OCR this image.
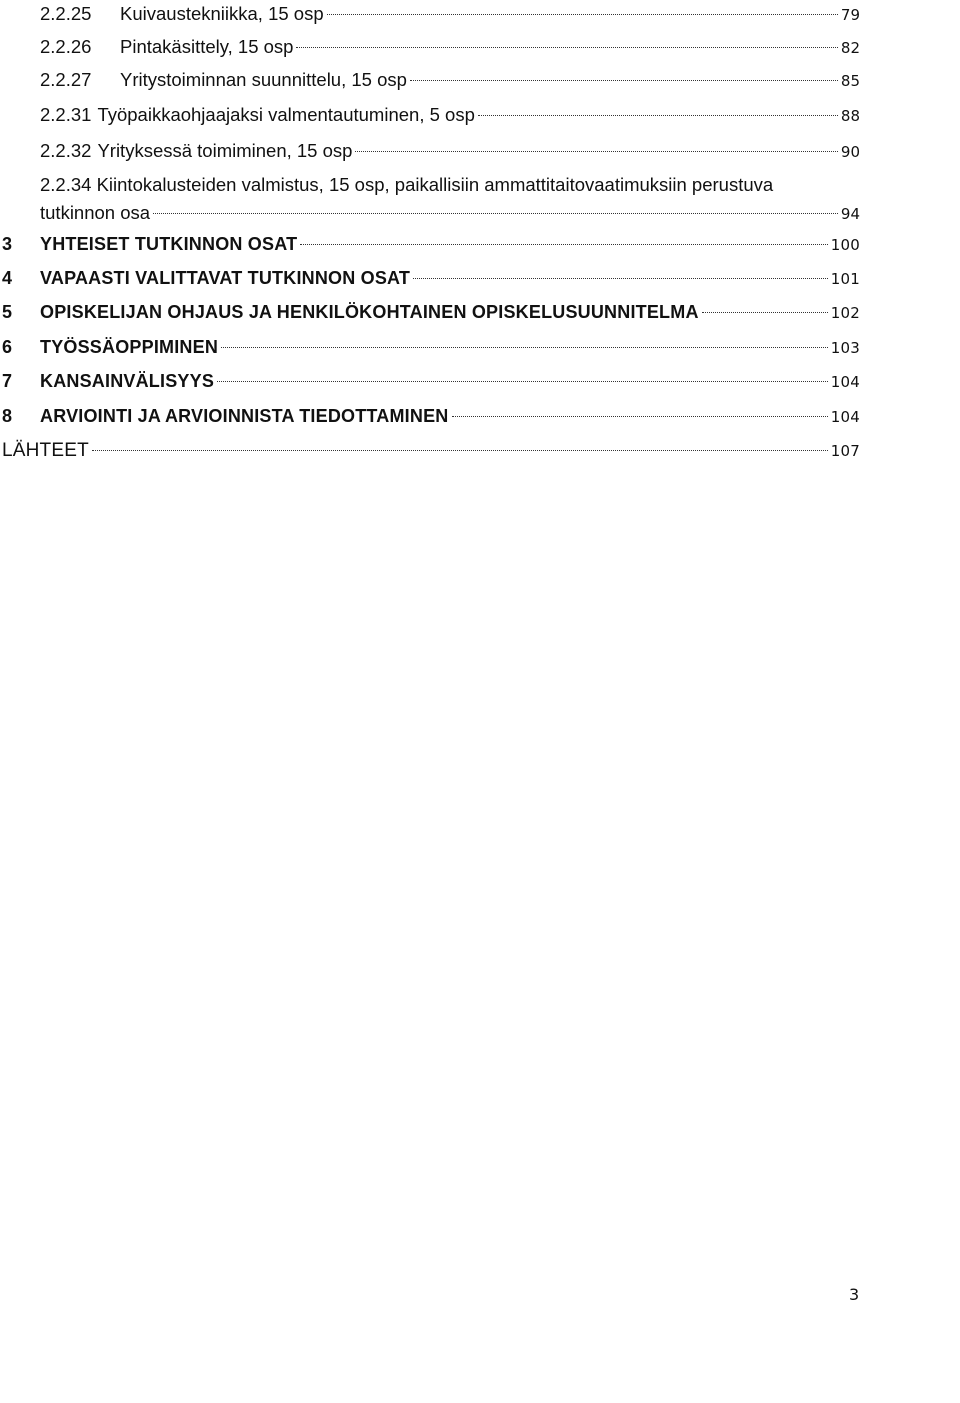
2.2.25 Kuivaustekniikka, 15 osp	79
2.2.26 Pintakäsittely, 15 osp	82
2.2.27 Yritystoiminnan suunnittelu, 15 osp	85
2.2.31 Työpaikkaohjaajaksi valmentautuminen, 5 osp	88
2.2.32 Yrityksessä toimiminen, 15 osp	90
2.2.34 Kiintokalusteiden valmistus, 15 osp, paikallisiin ammattitaitovaatimuksiin perustuva
tutkinnon osa	94
3 YHTEISET TUTKINNON OSAT	100
4 VAPAASTI VALITTAVAT TUTKINNON OSAT	101
5 OPISKELIJAN OHJAUS JA HENKILÖKOHTAINEN OPISKELUSUUNNITELMA	102
6 TYÖSSÄOPPIMINEN	103
7 KANSAINVÄLISYYS	104
8 ARVIOINTI JA ARVIOINNISTA TIEDOTTAMINEN	104
LÄHTEET	107
3
